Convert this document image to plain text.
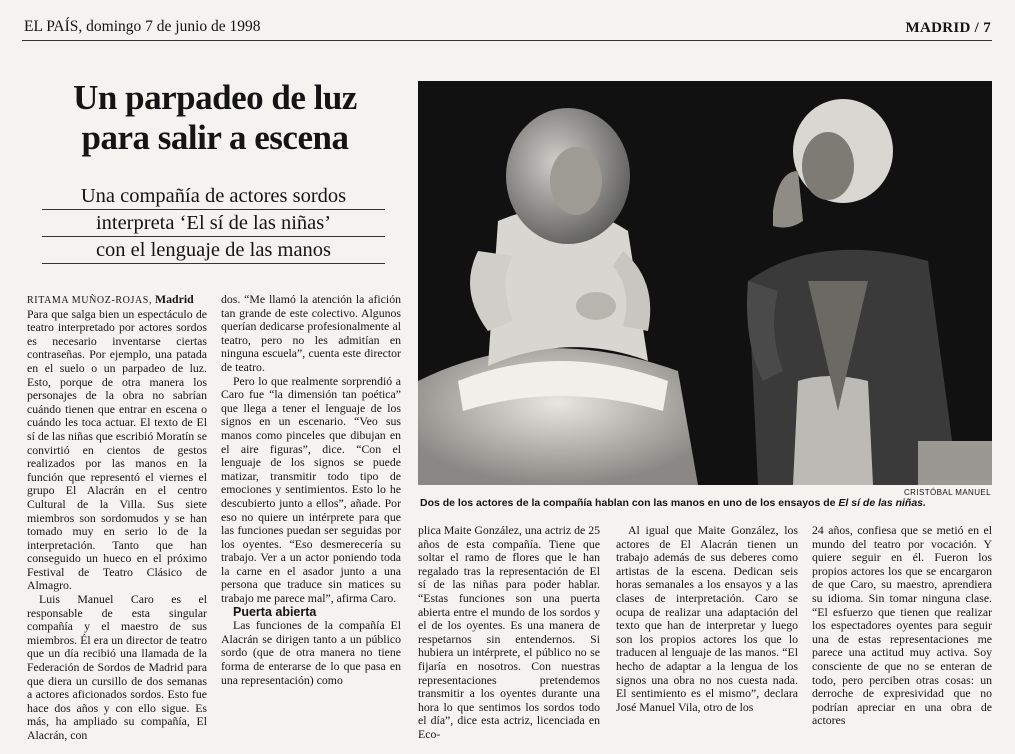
EL PAÍS, domingo 7 de junio de 1998	MADRID / 7
Un parpadeo de luz para salir a escena
Una compañía de actores sordos
interpreta ‘El sí de las niñas’
con el lenguaje de las manos

RITAMA MUÑOZ-ROJAS, Madrid

Para que salga bien un espectáculo de teatro interpretado por actores sordos es necesario inventarse ciertas contraseñas. Por ejemplo, una patada en el suelo o un parpadeo de luz. Esto, porque de otra manera los personajes de la obra no sabrían cuándo tienen que entrar en escena o cuándo les toca actuar. El texto de El sí de las niñas que escribió Moratín se convirtió en cientos de gestos realizados por las manos en la función que representó el viernes el grupo El Alacrán en el centro Cultural de la Villa. Sus siete miembros son sordomudos y se han tomado muy en serio lo de la interpretación. Tanto que han conseguido un hueco en el próximo Festival de Teatro Clásico de Almagro.

Luis Manuel Caro es el responsable de esta singular compañía y el maestro de sus miembros. Él era un director de teatro que un día recibió una llamada de la Federación de Sordos de Madrid para que diera un cursillo de dos semanas a actores aficionados sordos. Esto fue hace dos años y con ello sigue. Es más, ha ampliado su compañía, El Alacrán, con

dos. “Me llamó la atención la afición tan grande de este colectivo. Algunos querían dedicarse profesionalmente al teatro, pero no les admitían en ninguna escuela”, cuenta este director de teatro.

Pero lo que realmente sorprendió a Caro fue “la dimensión tan poética” que llega a tener el lenguaje de los signos en un escenario. “Veo sus manos como pinceles que dibujan en el aire figuras”, dice. “Con el lenguaje de los signos se puede matizar, transmitir todo tipo de emociones y sentimientos. Esto lo he descubierto junto a ellos”, añade. Por eso no quiere un intérprete para que las funciones puedan ser seguidas por los oyentes. “Eso desmerecería su trabajo. Ver a un actor poniendo toda la carne en el asador junto a una persona que traduce sin matices su trabajo me parece mal”, afirma Caro.

Puerta abierta

Las funciones de la compañía El Alacrán se dirigen tanto a un público sordo (que de otra manera no tiene forma de enterarse de lo que pasa en una representación) como

CRISTÓBAL MANUEL
Dos de los actores de la compañía hablan con las manos en uno de los ensayos de El sí de las niñas.

plica Maite González, una actriz de 25 años de esta compañía. Tiene que soltar el ramo de flores que le han regalado tras la representación de El sí de las niñas para poder hablar. “Estas funciones son una puerta abierta entre el mundo de los sordos y el de los oyentes. Es una manera de respetarnos sin entendernos. Si hubiera un intérprete, el público no se fijaría en nosotros. Con nuestras representaciones pretendemos transmitir a los oyentes durante una hora lo que sentimos los sordos todo el día”, dice esta actriz, licenciada en Eco-

Al igual que Maite González, los actores de El Alacrán tienen un trabajo además de sus deberes como artistas de la escena. Dedican seis horas semanales a los ensayos y a las clases de interpretación. Caro se ocupa de realizar una adaptación del texto que han de interpretar y luego son los propios actores los que lo traducen al lenguaje de las manos. “El hecho de adaptar a la lengua de los signos una obra no nos cuesta nada. El sentimiento es el mismo”, declara José Manuel Vila, otro de los

24 años, confiesa que se metió en el mundo del teatro por vocación. Y quiere seguir en él. Fueron los propios actores los que se encargaron de que Caro, su maestro, aprendiera su idioma. Sin tomar ninguna clase. “El esfuerzo que tienen que realizar los espectadores oyentes para seguir una de estas representaciones me parece una actitud muy activa. Soy consciente de que no se enteran de todo, pero perciben otras cosas: un derroche de expresividad que no podrían apreciar en una obra de actores
